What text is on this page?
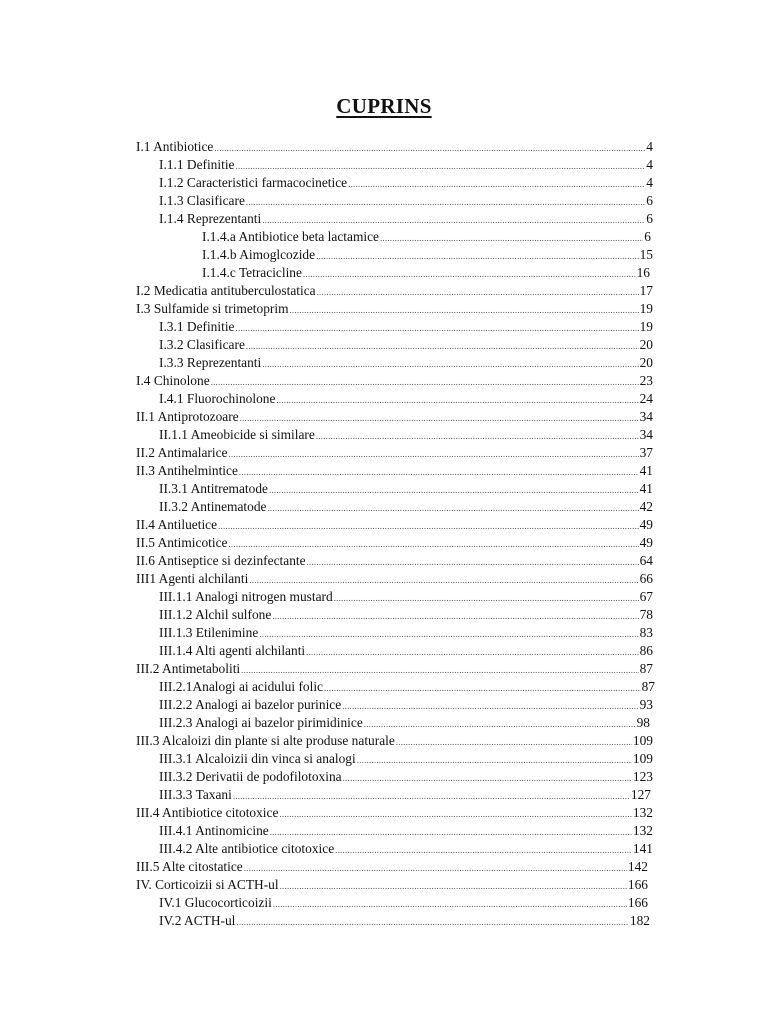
CUPRINS
I.1 Antibiotice .....	4
I.1.1 Definitie .....	4
I.1.2 Caracteristici farmacocinetice .....	4
I.1.3 Clasificare .....	6
I.1.4 Reprezentanti .....	6
I.1.4.a Antibiotice beta lactamice .....	6
I.1.4.b Aimoglcozide .....	15
I.1.4.c Tetracicline .....	16
I.2 Medicatia antituberculostatica .....	17
I.3 Sulfamide si trimetoprim .....	19
I.3.1 Definitie .....	19
I.3.2 Clasificare .....	20
I.3.3 Reprezentanti .....	20
I.4 Chinolone .....	23
I.4.1 Fluorochinolone .....	24
II.1 Antiprotozoare .....	34
II.1.1 Ameobicide si similare .....	34
II.2 Antimalarice .....	37
II.3 Antihelmintice .....	41
II.3.1 Antitrematode .....	41
II.3.2 Antinematode .....	42
II.4 Antiluetice .....	49
II.5 Antimicotice .....	49
II.6 Antiseptice si dezinfectante .....	64
III1 Agenti alchilanti .....	66
III.1.1 Analogi nitrogen mustard .....	67
III.1.2 Alchil sulfone .....	78
III.1.3 Etilenimine .....	83
III.1.4 Alti agenti alchilanti .....	86
III.2 Antimetaboliti .....	87
III.2.1Analogi ai acidului folic .....	87
III.2.2 Analogi ai bazelor purinice .....	93
III.2.3 Analogi ai bazelor pirimidinice .....	98
III.3 Alcaloizi din plante si alte produse naturale .....	109
III.3.1 Alcaloizii din vinca si analogi .....	109
III.3.2 Derivatii de podofilotoxina .....	123
III.3.3 Taxani .....	127
III.4 Antibiotice citotoxice .....	132
III.4.1 Antinomicine .....	132
III.4.2 Alte antibiotice citotoxice .....	141
III.5 Alte citostatice .....	142
IV. Corticoizii si ACTH-ul .....	166
IV.1 Glucocorticoizii .....	166
IV.2 ACTH-ul .....	182
